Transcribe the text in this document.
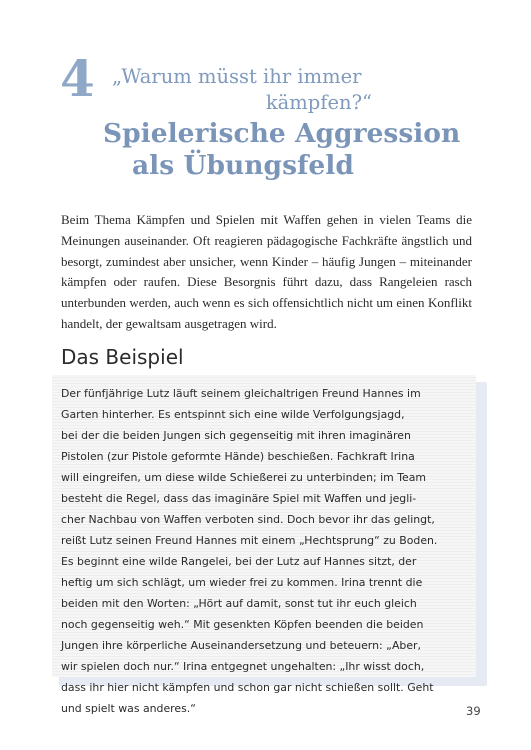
4 „Warum müsst ihr immer
kämpfen?“
Spielerische Aggression
als Übungsfeld

Beim Thema Kämpfen und Spielen mit Waffen gehen in vielen Teams die Meinungen auseinander. Oft reagieren pädagogische Fachkräfte ängstlich und besorgt, zumindest aber unsicher, wenn Kinder – häufig Jungen – miteinander kämpfen oder raufen. Diese Besorgnis führt dazu, dass Rangeleien rasch unterbunden werden, auch wenn es sich offensichtlich nicht um einen Konflikt handelt, der gewaltsam ausgetragen wird.

Das Beispiel
Der fünfjährige Lutz läuft seinem gleichaltrigen Freund Hannes im
Garten hinterher. Es entspinnt sich eine wilde Verfolgungsjagd,
bei der die beiden Jungen sich gegenseitig mit ihren imaginären
Pistolen (zur Pistole geformte Hände) beschießen. Fachkraft Irina
will eingreifen, um diese wilde Schießerei zu unterbinden; im Team
besteht die Regel, dass das imaginäre Spiel mit Waffen und jegli-
cher Nachbau von Waffen verboten sind. Doch bevor ihr das gelingt,
reißt Lutz seinen Freund Hannes mit einem „Hechtsprung“ zu Boden.
Es beginnt eine wilde Rangelei, bei der Lutz auf Hannes sitzt, der
heftig um sich schlägt, um wieder frei zu kommen. Irina trennt die
beiden mit den Worten: „Hört auf damit, sonst tut ihr euch gleich
noch gegenseitig weh.“ Mit gesenkten Köpfen beenden die beiden
Jungen ihre körperliche Auseinandersetzung und beteuern: „Aber,
wir spielen doch nur.“ Irina entgegnet ungehalten: „Ihr wisst doch,
dass ihr hier nicht kämpfen und schon gar nicht schießen sollt. Geht
und spielt was anderes.“	39
